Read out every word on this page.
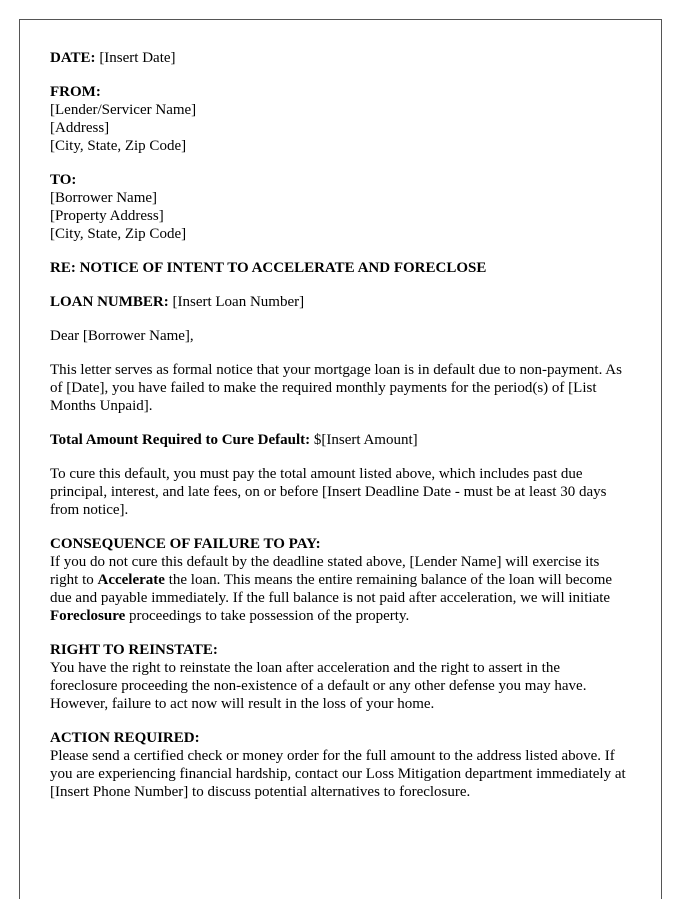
DATE: [Insert Date]
FROM:
[Lender/Servicer Name]
[Address]
[City, State, Zip Code]
TO:
[Borrower Name]
[Property Address]
[City, State, Zip Code]
RE: NOTICE OF INTENT TO ACCELERATE AND FORECLOSE
LOAN NUMBER: [Insert Loan Number]
Dear [Borrower Name],
This letter serves as formal notice that your mortgage loan is in default due to non-payment. As of [Date], you have failed to make the required monthly payments for the period(s) of [List Months Unpaid].
Total Amount Required to Cure Default: $[Insert Amount]
To cure this default, you must pay the total amount listed above, which includes past due principal, interest, and late fees, on or before [Insert Deadline Date - must be at least 30 days from notice].
CONSEQUENCE OF FAILURE TO PAY:
If you do not cure this default by the deadline stated above, [Lender Name] will exercise its right to Accelerate the loan. This means the entire remaining balance of the loan will become due and payable immediately. If the full balance is not paid after acceleration, we will initiate Foreclosure proceedings to take possession of the property.
RIGHT TO REINSTATE:
You have the right to reinstate the loan after acceleration and the right to assert in the foreclosure proceeding the non-existence of a default or any other defense you may have. However, failure to act now will result in the loss of your home.
ACTION REQUIRED:
Please send a certified check or money order for the full amount to the address listed above. If you are experiencing financial hardship, contact our Loss Mitigation department immediately at [Insert Phone Number] to discuss potential alternatives to foreclosure.
